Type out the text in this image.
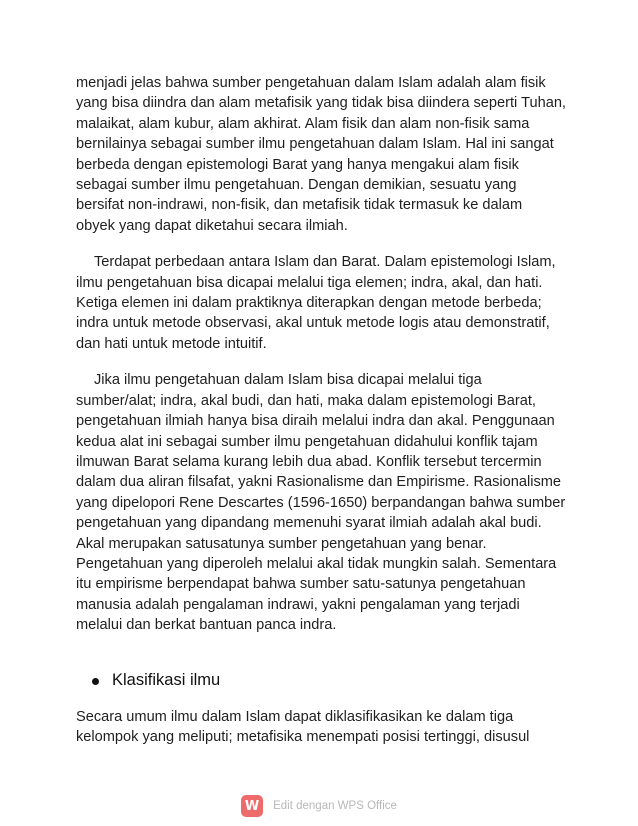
menjadi jelas bahwa sumber pengetahuan dalam Islam adalah alam fisik
yang bisa diindra dan alam metafisik yang tidak bisa diindera seperti Tuhan,
malaikat, alam kubur, alam akhirat. Alam fisik dan alam non-fisik sama
bernilainya sebagai sumber ilmu pengetahuan dalam Islam. Hal ini sangat
berbeda dengan epistemologi Barat yang hanya mengakui alam fisik
sebagai sumber ilmu pengetahuan. Dengan demikian, sesuatu yang
bersifat non-indrawi, non-fisik, dan metafisik tidak termasuk ke dalam
obyek yang dapat diketahui secara ilmiah.

Terdapat perbedaan antara Islam dan Barat. Dalam epistemologi Islam,
ilmu pengetahuan bisa dicapai melalui tiga elemen; indra, akal, dan hati.
Ketiga elemen ini dalam praktiknya diterapkan dengan metode berbeda;
indra untuk metode observasi, akal untuk metode logis atau demonstratif,
dan hati untuk metode intuitif.

Jika ilmu pengetahuan dalam Islam bisa dicapai melalui tiga
sumber/alat; indra, akal budi, dan hati, maka dalam epistemologi Barat,
pengetahuan ilmiah hanya bisa diraih melalui indra dan akal. Penggunaan
kedua alat ini sebagai sumber ilmu pengetahuan didahului konflik tajam
ilmuwan Barat selama kurang lebih dua abad. Konflik tersebut tercermin
dalam dua aliran filsafat, yakni Rasionalisme dan Empirisme. Rasionalisme
yang dipelopori Rene Descartes (1596-1650) berpandangan bahwa sumber
pengetahuan yang dipandang memenuhi syarat ilmiah adalah akal budi.
Akal merupakan satusatunya sumber pengetahuan yang benar.
Pengetahuan yang diperoleh melalui akal tidak mungkin salah. Sementara
itu empirisme berpendapat bahwa sumber satu-satunya pengetahuan
manusia adalah pengalaman indrawi, yakni pengalaman yang terjadi
melalui dan berkat bantuan panca indra.

Klasifikasi ilmu
Secara umum ilmu dalam Islam dapat diklasifikasikan ke dalam tiga
kelompok yang meliputi; metafisika menempati posisi tertinggi, disusul
W	Edit dengan WPS Office
